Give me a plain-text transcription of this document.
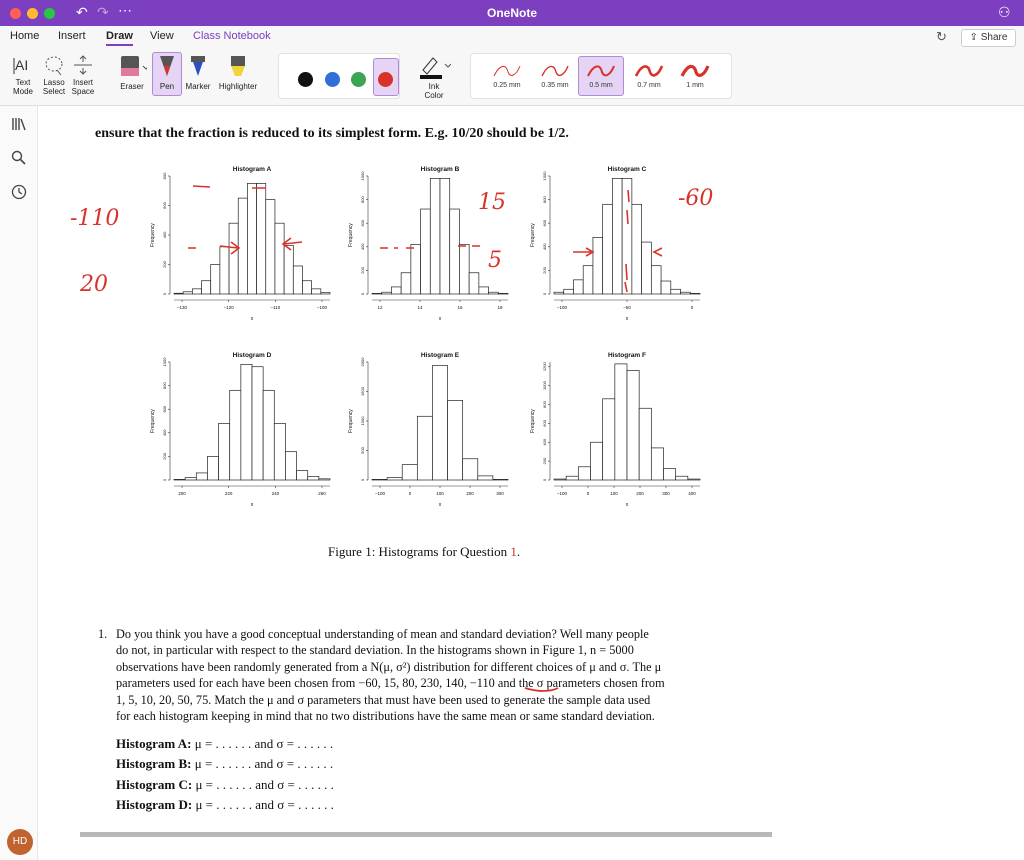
↶ ↷ ⋯	OneNote	⚇
Home Insert Draw View Class Notebook	↻	⇪ Share
AI
Text
Mode
Lasso
Select
Insert
Space
Eraser	Pen	Marker	Highlighter	Ink
Color

0.25 mm	0.35 mm	0.5 mm	0.7 mm	1 mm
HD
ensure that the fraction is reduced to its simplest form. E.g. 10/20 should be 1/2.
Histogram A
Frequency
x
0
200
400
600
800
−130	−120	−110	−100
Histogram B
Frequency
x
0
200
400
600
800
1000
12	14	16	18
Histogram C
Frequency
x
0
200
400
600
800
1000
−100	−50	0
Histogram D
Frequency
x
0
200
400
600
800
1000
200	220	240	260
Histogram E
Frequency
x
0
500
1000
1500
2000
−100	0	100	200	300
Histogram F
Frequency
x
0
200
400
600
800
1000
1200
−100	0	100	200	300	400
-110
20
15
5
-60
Figure 1: Histograms for Question 1.
1. Do you think you have a good conceptual understanding of mean and standard deviation? Well many people
do not, in particular with respect to the standard deviation. In the histograms shown in Figure 1, n = 5000
observations have been randomly generated from a N(μ, σ²) distribution for different choices of μ and σ. The μ
parameters used for each have been chosen from −60, 15, 80, 230, 140, −110 and the σ parameters chosen from
1, 5, 10, 20, 50, 75. Match the μ and σ parameters that must have been used to generate the sample data used
for each histogram keeping in mind that no two distributions have the same mean or same standard deviation.
Histogram A: μ = . . . . . . and σ = . . . . . .
Histogram B: μ = . . . . . . and σ = . . . . . .
Histogram C: μ = . . . . . . and σ = . . . . . .
Histogram D: μ = . . . . . . and σ = . . . . . .
